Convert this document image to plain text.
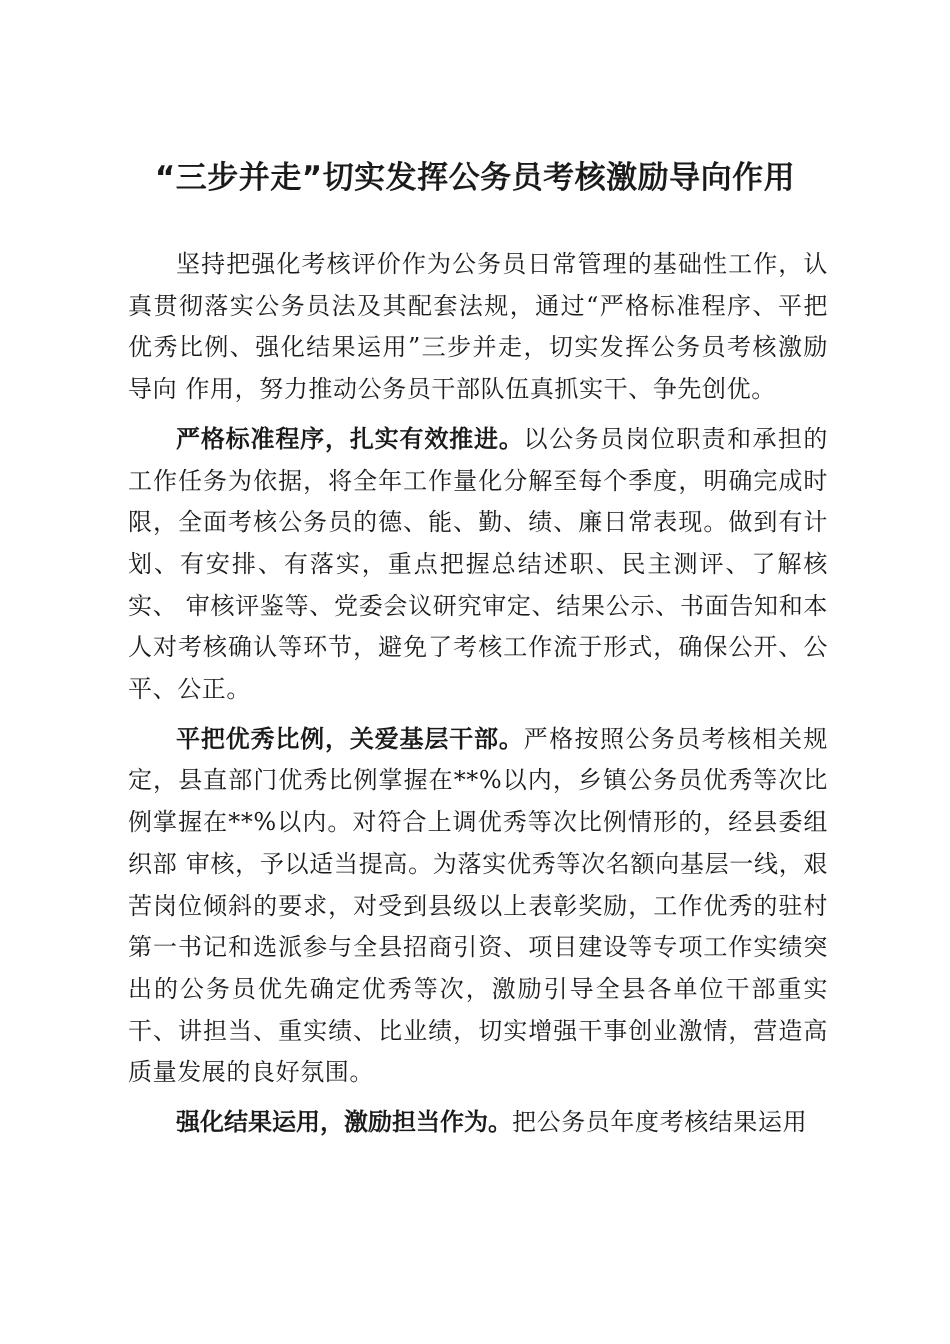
“三步并走”切实发挥公务员考核激励导向作用

坚持把强化考核评价作为公务员日常管理的基础性工作，认真贯彻落实公务员法及其配套法规，通过“严格标准程序、平把优秀比例、强化结果运用”三步并走，切实发挥公务员考核激励导向 作用，努力推动公务员干部队伍真抓实干、争先创优。

严格标准程序，扎实有效推进。以公务员岗位职责和承担的工作任务为依据，将全年工作量化分解至每个季度，明确完成时限，全面考核公务员的德、能、勤、绩、廉日常表现。做到有计划、有安排、有落实，重点把握总结述职、民主测评、了解核实、 审核评鉴等、党委会议研究审定、结果公示、书面告知和本人对考核确认等环节，避免了考核工作流于形式，确保公开、公平、公正。

平把优秀比例，关爱基层干部。严格按照公务员考核相关规定，县直部门优秀比例掌握在**%以内，乡镇公务员优秀等次比例掌握在**%以内。对符合上调优秀等次比例情形的，经县委组织部 审核，予以适当提高。为落实优秀等次名额向基层一线，艰苦岗位倾斜的要求，对受到县级以上表彰奖励，工作优秀的驻村第一书记和选派参与全县招商引资、项目建设等专项工作实绩突出的公务员优先确定优秀等次，激励引导全县各单位干部重实干、讲担当、重实绩、比业绩，切实增强干事创业激情，营造高质量发展的良好氛围。

强化结果运用，激励担当作为。把公务员年度考核结果运用
